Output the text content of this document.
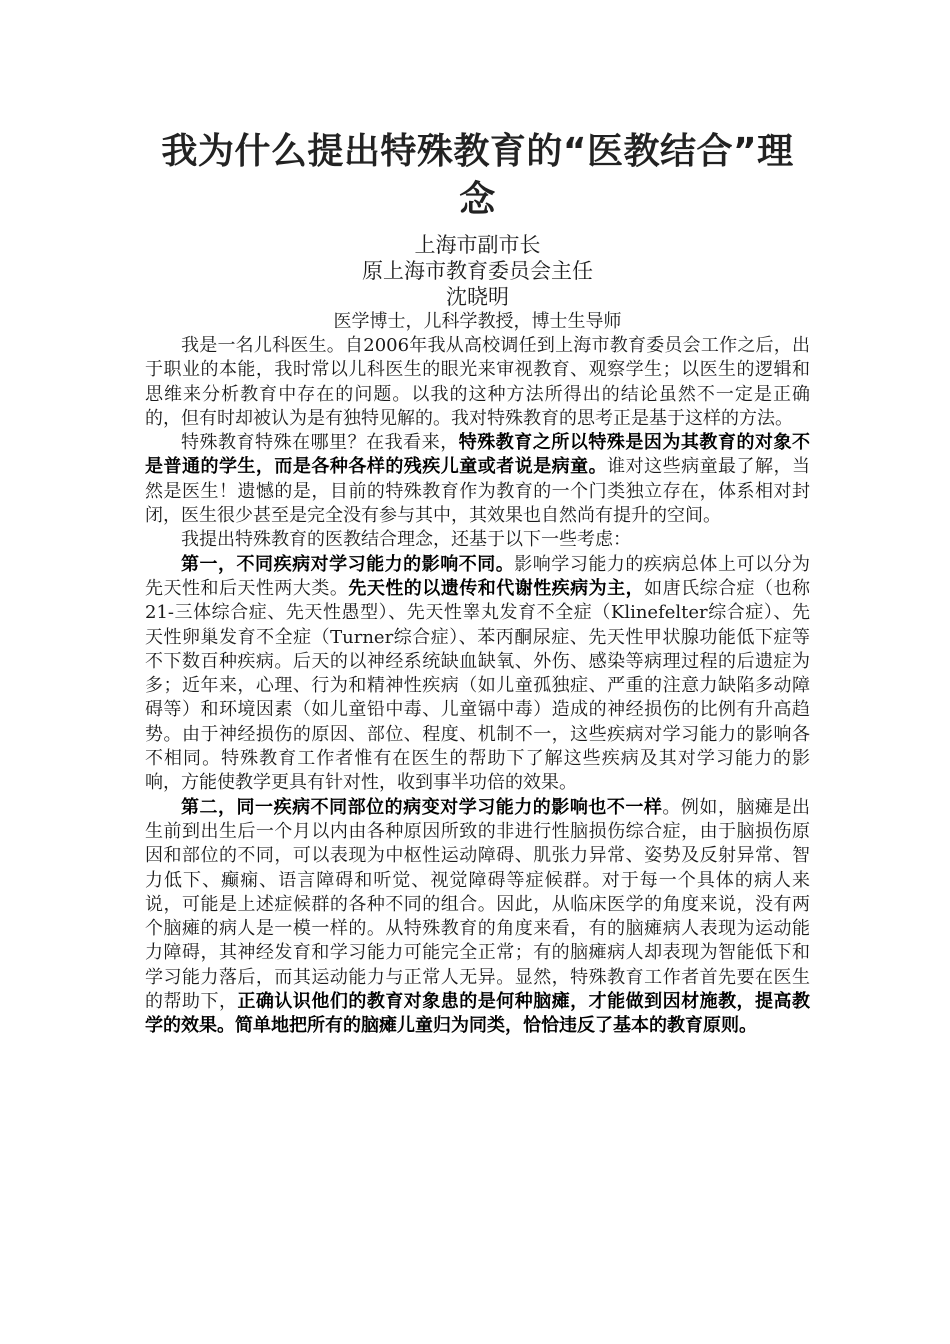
我为什么提出特殊教育的“医教结合”理念

上海市副市长

原上海市教育委员会主任

沈晓明

医学博士，儿科学教授，博士生导师

我是一名儿科医生。自2006年我从高校调任到上海市教育委员会工作之后，出于职业的本能，我时常以儿科医生的眼光来审视教育、观察学生；以医生的逻辑和思维来分析教育中存在的问题。以我的这种方法所得出的结论虽然不一定是正确的，但有时却被认为是有独特见解的。我对特殊教育的思考正是基于这样的方法。

特殊教育特殊在哪里？在我看来，特殊教育之所以特殊是因为其教育的对象不是普通的学生，而是各种各样的残疾儿童或者说是病童。谁对这些病童最了解，当然是医生！遗憾的是，目前的特殊教育作为教育的一个门类独立存在，体系相对封闭，医生很少甚至是完全没有参与其中，其效果也自然尚有提升的空间。

我提出特殊教育的医教结合理念，还基于以下一些考虑：

第一，不同疾病对学习能力的影响不同。影响学习能力的疾病总体上可以分为先天性和后天性两大类。先天性的以遗传和代谢性疾病为主，如唐氏综合症（也称21-三体综合症、先天性愚型）、先天性睾丸发育不全症（Klinefelter综合症）、先天性卵巢发育不全症（Turner综合症）、苯丙酮尿症、先天性甲状腺功能低下症等不下数百种疾病。后天的以神经系统缺血缺氧、外伤、感染等病理过程的后遗症为多；近年来，心理、行为和精神性疾病（如儿童孤独症、严重的注意力缺陷多动障碍等）和环境因素（如儿童铅中毒、儿童镉中毒）造成的神经损伤的比例有升高趋势。由于神经损伤的原因、部位、程度、机制不一，这些疾病对学习能力的影响各不相同。特殊教育工作者惟有在医生的帮助下了解这些疾病及其对学习能力的影响，方能使教学更具有针对性，收到事半功倍的效果。

第二，同一疾病不同部位的病变对学习能力的影响也不一样。例如，脑瘫是出生前到出生后一个月以内由各种原因所致的非进行性脑损伤综合症，由于脑损伤原因和部位的不同，可以表现为中枢性运动障碍、肌张力异常、姿势及反射异常、智力低下、癫痫、语言障碍和听觉、视觉障碍等症候群。对于每一个具体的病人来说，可能是上述症候群的各种不同的组合。因此，从临床医学的角度来说，没有两个脑瘫的病人是一模一样的。从特殊教育的角度来看，有的脑瘫病人表现为运动能力障碍，其神经发育和学习能力可能完全正常；有的脑瘫病人却表现为智能低下和学习能力落后，而其运动能力与正常人无异。显然，特殊教育工作者首先要在医生的帮助下，正确认识他们的教育对象患的是何种脑瘫，才能做到因材施教，提高教学的效果。简单地把所有的脑瘫儿童归为同类，恰恰违反了基本的教育原则。
